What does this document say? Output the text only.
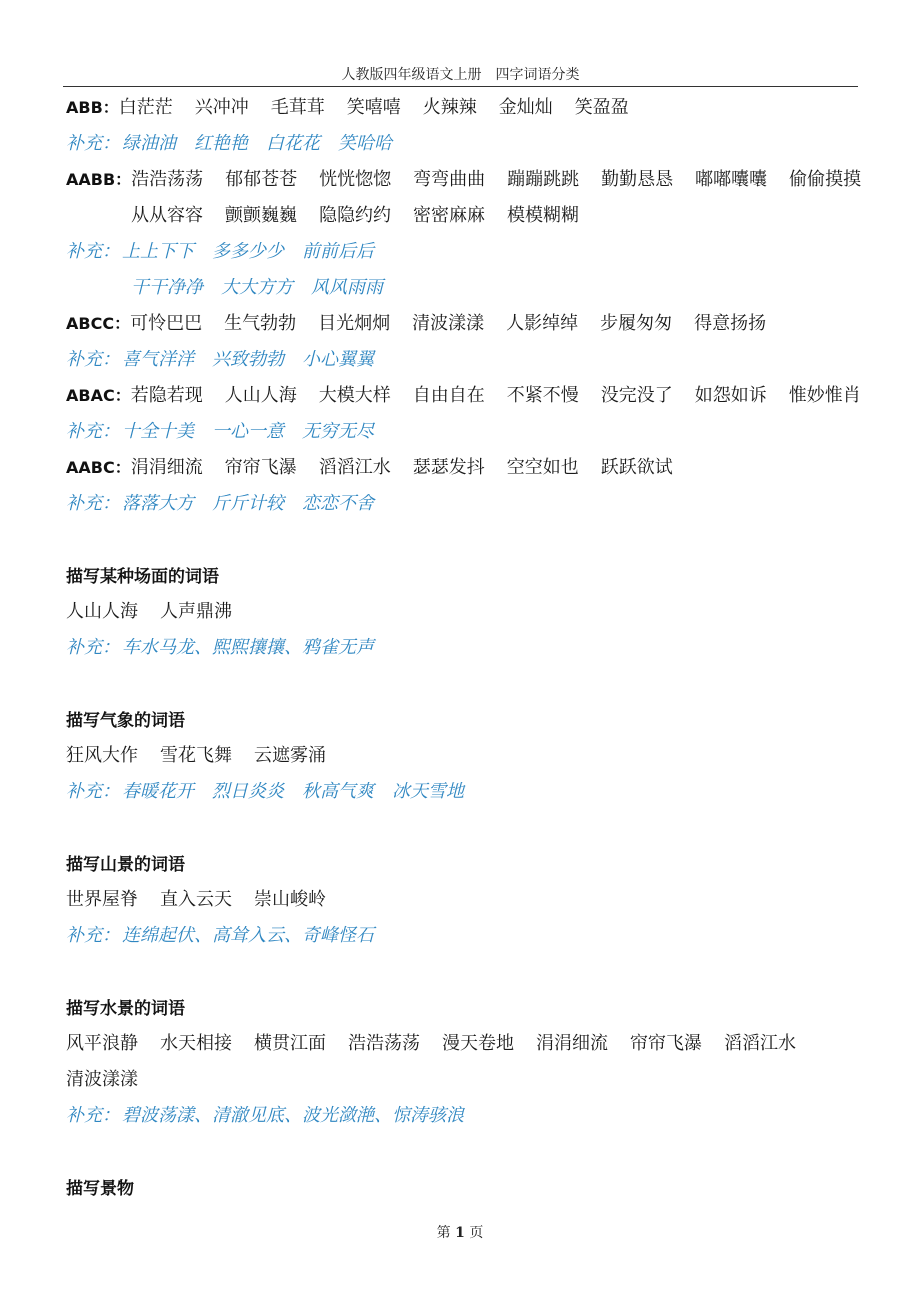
人教版四年级语文上册　四字词语分类
ABB： 白茫茫 兴冲冲 毛茸茸 笑嘻嘻 火辣辣 金灿灿 笑盈盈
补充： 绿油油 红艳艳 白花花 笑哈哈
AABB： 浩浩荡荡 郁郁苍苍 恍恍惚惚 弯弯曲曲 蹦蹦跳跳 勤勤恳恳 嘟嘟囔囔 偷偷摸摸
从从容容 颤颤巍巍 隐隐约约 密密麻麻 模模糊糊
补充： 上上下下 多多少少 前前后后
干干净净 大大方方 风风雨雨
ABCC： 可怜巴巴 生气勃勃 目光炯炯 清波漾漾 人影绰绰 步履匆匆 得意扬扬
补充： 喜气洋洋 兴致勃勃 小心翼翼
ABAC： 若隐若现 人山人海 大模大样 自由自在 不紧不慢 没完没了 如怨如诉 惟妙惟肖
补充： 十全十美 一心一意 无穷无尽
AABC： 涓涓细流 帘帘飞瀑 滔滔江水 瑟瑟发抖 空空如也 跃跃欲试
补充： 落落大方 斤斤计较 恋恋不舍
描写某种场面的词语
人山人海 人声鼎沸
补充： 车水马龙、熙熙攘攘、鸦雀无声
描写气象的词语
狂风大作 雪花飞舞 云遮雾涌
补充： 春暖花开 烈日炎炎 秋高气爽 冰天雪地
描写山景的词语
世界屋脊 直入云天 崇山峻岭
补充： 连绵起伏、高耸入云、奇峰怪石
描写水景的词语
风平浪静 水天相接 横贯江面 浩浩荡荡 漫天卷地 涓涓细流 帘帘飞瀑 滔滔江水
清波漾漾
补充： 碧波荡漾、清澈见底、波光潋滟、惊涛骇浪
描写景物
第 1 页
